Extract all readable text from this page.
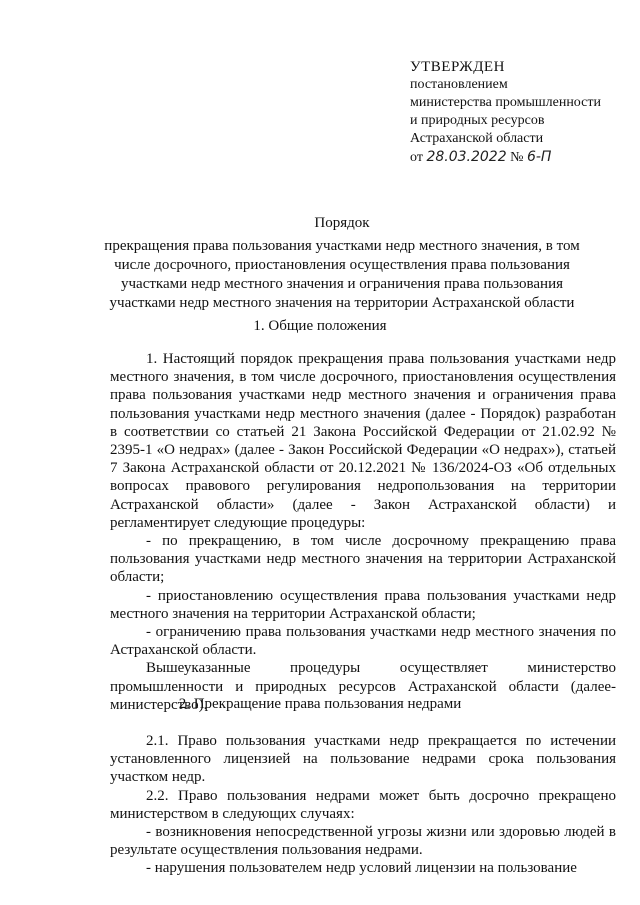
УТВЕРЖДЕН
постановлением
министерства промышленности
и природных ресурсов
Астраханской области
от 28.03.2022 № 6-П
Порядок
прекращения права пользования участками недр местного значения, в том числе досрочного, приостановления осуществления права пользования участками недр местного значения и ограничения права пользования участками недр местного значения на территории Астраханской области
1. Общие положения

1. Настоящий порядок прекращения права пользования участками недр местного значения, в том числе досрочного, приостановления осуществления права пользования участками недр местного значения и ограничения права пользования участками недр местного значения (далее - Порядок) разработан в соответствии со статьей 21 Закона Российской Федерации от 21.02.92 № 2395-1 «О недрах» (далее - Закон Российской Федерации «О недрах»), статьей 7 Закона Астраханской области от 20.12.2021 № 136/2024-ОЗ «Об отдельных вопросах правового регулирования недропользования на территории Астраханской области» (далее - Закон Астраханской области) и регламентирует следующие процедуры:

- по прекращению, в том числе досрочному прекращению права пользования участками недр местного значения на территории Астраханской области;

- приостановлению осуществления права пользования участками недр местного значения на территории Астраханской области;

- ограничению права пользования участками недр местного значения по Астраханской области.

Вышеуказанные процедуры осуществляет министерство промышленности и природных ресурсов Астраханской области (далее-министерство).

2. Прекращение права пользования недрами

2.1. Право пользования участками недр прекращается по истечении установленного лицензией на пользование недрами срока пользования участком недр.

2.2. Право пользования недрами может быть досрочно прекращено министерством в следующих случаях:

- возникновения непосредственной угрозы жизни или здоровью людей в результате осуществления пользования недрами.

- нарушения пользователем недр условий лицензии на пользование
